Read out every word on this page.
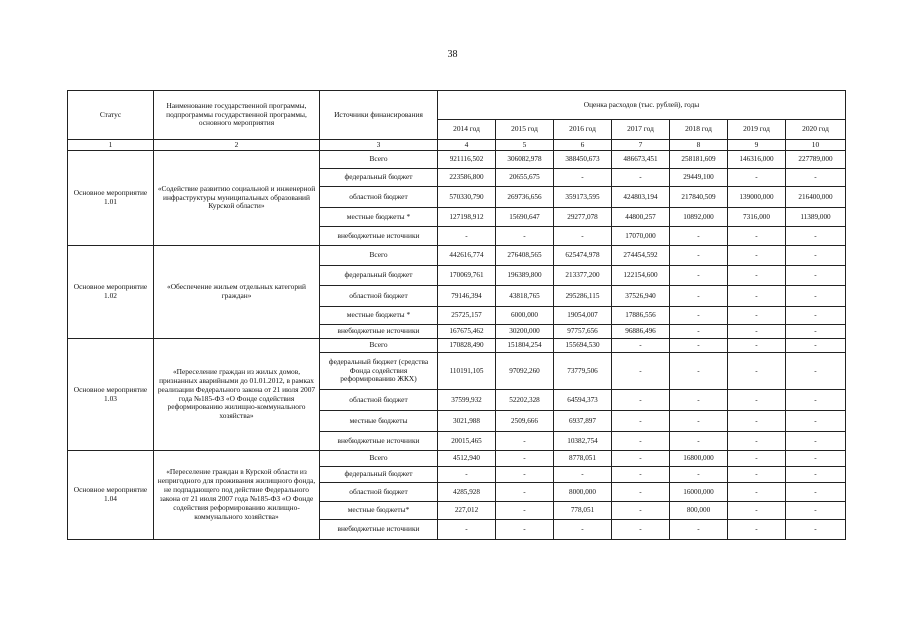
38
Статус	Наименование государственной программы, подпрограммы государственной программы, основного мероприятия	Источники финансирования	Оценка расходов (тыс. рублей), годы						
			2014 год	2015 год	2016 год	2017 год	2018 год	2019 год	2020 год
1	2	3	4	5	6	7	8	9	10
Основное мероприятие 1.01	«Содействие развитию социальной и инженерной инфраструктуры муниципальных образований Курской области»	Всего	921116,502	306082,978	388450,673	486673,451	258181,609	146316,000	227789,000
		федеральный бюджет	223586,800	20655,675	-	-	29449,100	-	-
		областной бюджет	570330,790	269736,656	359173,595	424803,194	217840,509	139000,000	216400,000
		местные бюджеты *	127198,912	15690,647	29277,078	44800,257	10892,000	7316,000	11389,000
		внебюджетные источники	-	-	-	17070,000	-	-	-
Основное мероприятие 1.02	«Обеспечение жильем отдельных категорий граждан»	Всего	442616,774	276408,565	625474,978	274454,592	-	-	-
		федеральный бюджет	170069,761	196389,800	213377,200	122154,600	-	-	-
		областной бюджет	79146,394	43818,765	295286,115	37526,940	-	-	-
		местные бюджеты *	25725,157	6000,000	19054,007	17886,556	-	-	-
		внебюджетные источники	167675,462	30200,000	97757,656	96886,496	-	-	-
Основное мероприятие 1.03	«Переселение граждан из жилых домов, признанных аварийными до 01.01.2012, в рамках реализации Федерального закона от 21 июля 2007 года №185-ФЗ «О Фонде содействия реформированию жилищно-коммунального хозяйства»	Всего	170828,490	151804,254	155694,530	-	-	-	-
		федеральный бюджет (средства Фонда содействия реформированию ЖКХ)	110191,105	97092,260	73779,506	-	-	-	-
		областной бюджет	37599,932	52202,328	64594,373	-	-	-	-
		местные бюджеты	3021,988	2509,666	6937,897	-	-	-	-
		внебюджетные источники	20015,465	-	10382,754	-	-	-	-
Основное мероприятие 1.04	«Переселение граждан в Курской области из непригодного для проживания жилищного фонда, не подпадающего под действие Федерального закона от 21 июля 2007 года №185-ФЗ «О Фонде содействия реформированию жилищно-коммунального хозяйства»	Всего	4512,940	-	8778,051	-	16800,000	-	-
		федеральный бюджет	-	-	-	-	-	-	-
		областной бюджет	4285,928	-	8000,000	-	16000,000	-	-
		местные бюджеты*	227,012	-	778,051	-	800,000	-	-
		внебюджетные источники	-	-	-	-	-	-	-
